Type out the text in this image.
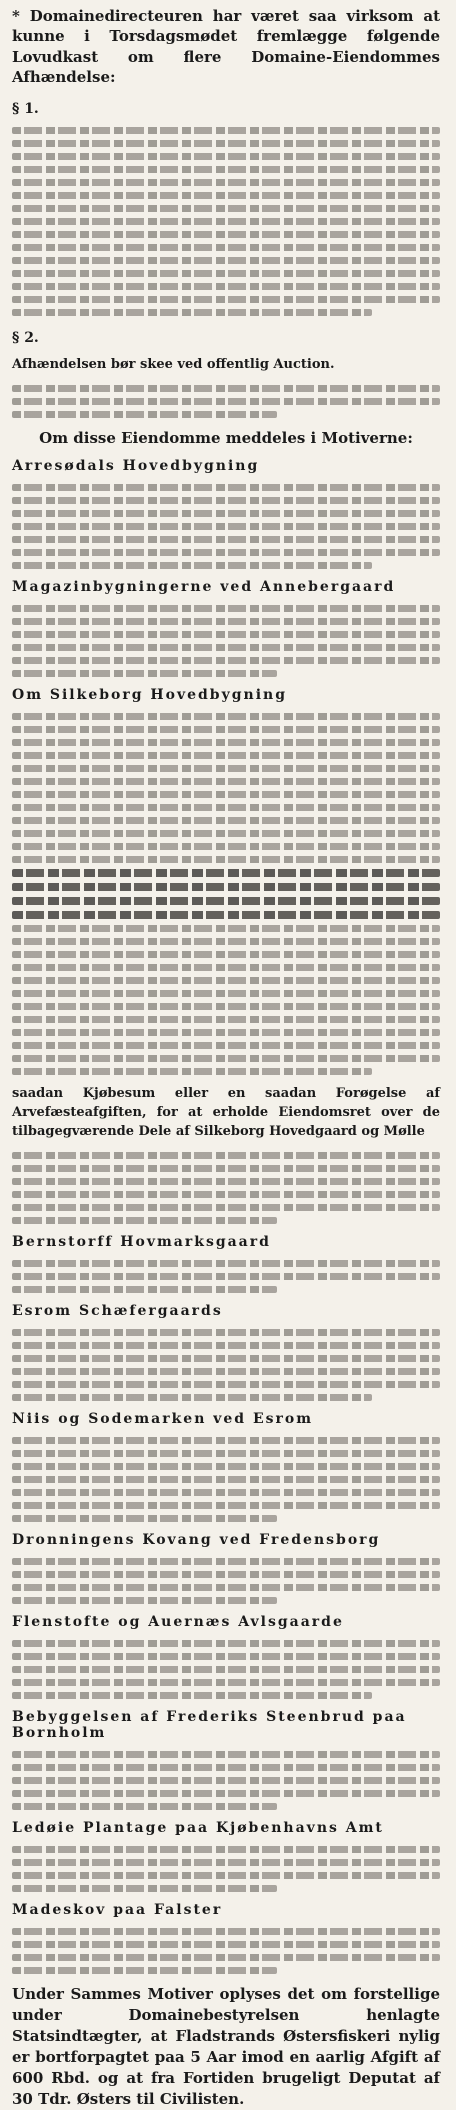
* Domainedirecteuren har været saa virksom at kunne i Torsdagsmødet fremlægge følgende Lovudkast om flere Domaine-Eiendommes Afhændelse:
§ 1.
§ 2.
Afhændelsen bør skee ved offentlig Auction.
Om disse Eiendomme meddeles i Motiverne:
Arresødals Hovedbygning
Magazinbygningerne ved Annebergaard
Om Silkeborg Hovedbygning
saadan Kjøbesum eller en saadan Forøgelse af Arvefæsteafgiften, for at erholde Eiendomsret over de tilbagegværende Dele af Silkeborg Hovedgaard og Mølle
Bernstorff Hovmarksgaard
Esrom Schæfergaards
Niis og Sodemarken ved Esrom
Dronningens Kovang ved Fredensborg
Flenstofte og Auernæs Avlsgaarde
Bebyggelsen af Frederiks Steenbrud paa Bornholm
Ledøie Plantage paa Kjøbenhavns Amt
Madeskov paa Falster
Under Sammes Motiver oplyses det om forstellige under Domainebestyrelsen henlagte Statsindtægter, at Fladstrands Østersfiskeri nylig er bortforpagtet paa 5 Aar imod en aarlig Afgift af 600 Rbd. og at fra Fortiden brugeligt Deputat af 30 Tdr. Østers til Civilisten.
